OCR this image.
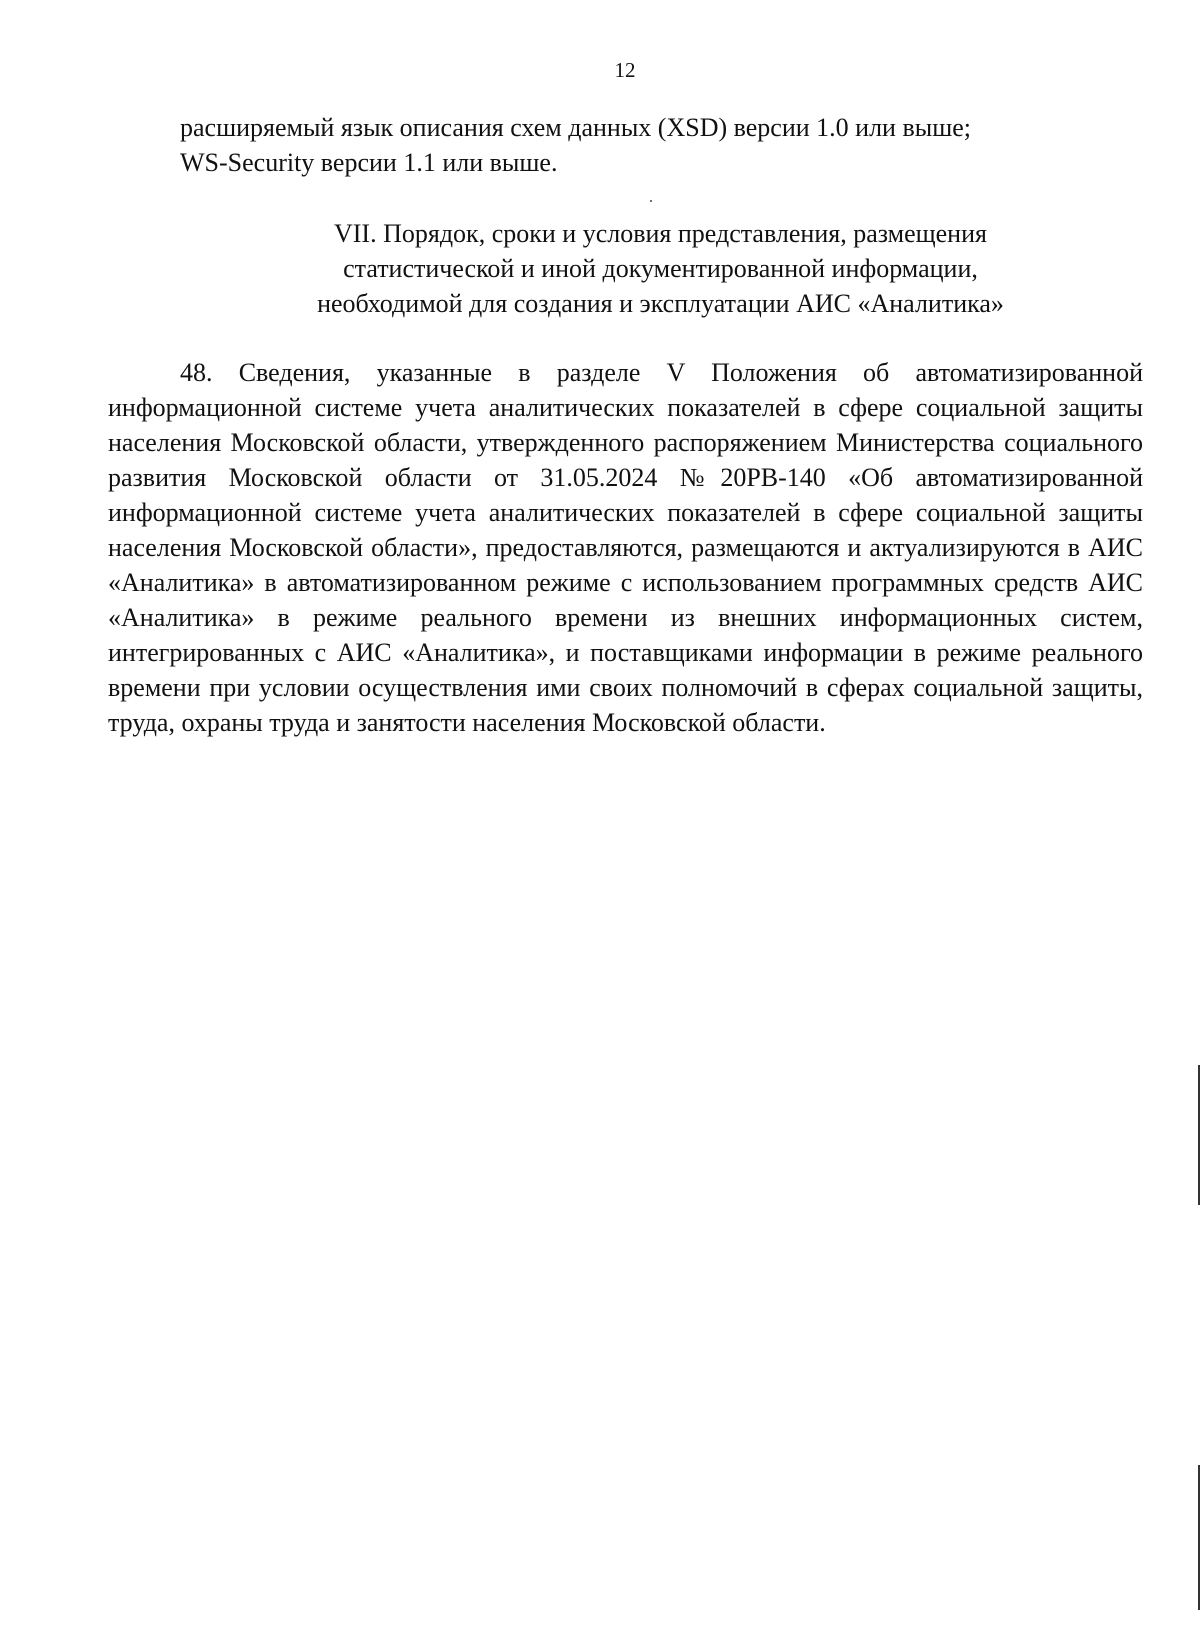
12

расширяемый язык описания схем данных (XSD) версии 1.0 или выше;

WS-Security версии 1.1 или выше.

VII. Порядок, сроки и условия представления, размещения
статистической и иной документированной информации,
необходимой для создания и эксплуатации АИС «Аналитика»

48. Сведения, указанные в разделе V Положения об автоматизированной информационной системе учета аналитических показателей в сфере социальной защиты населения Московской области, утвержденного распоряжением Министерства социального развития Московской области от 31.05.2024 №20РВ-140 «Об автоматизированной информационной системе учета аналитических показателей в сфере социальной защиты населения Московской области», предоставляются, размещаются и актуализируются в АИС «Аналитика» в автоматизированном режиме с использованием программных средств АИС «Аналитика» в режиме реального времени из внешних информационных систем, интегрированных с АИС «Аналитика», и поставщиками информации в режиме реального времени при условии осуществления ими своих полномочий в сферах социальной защиты, труда, охраны труда и занятости населения Московской области.
